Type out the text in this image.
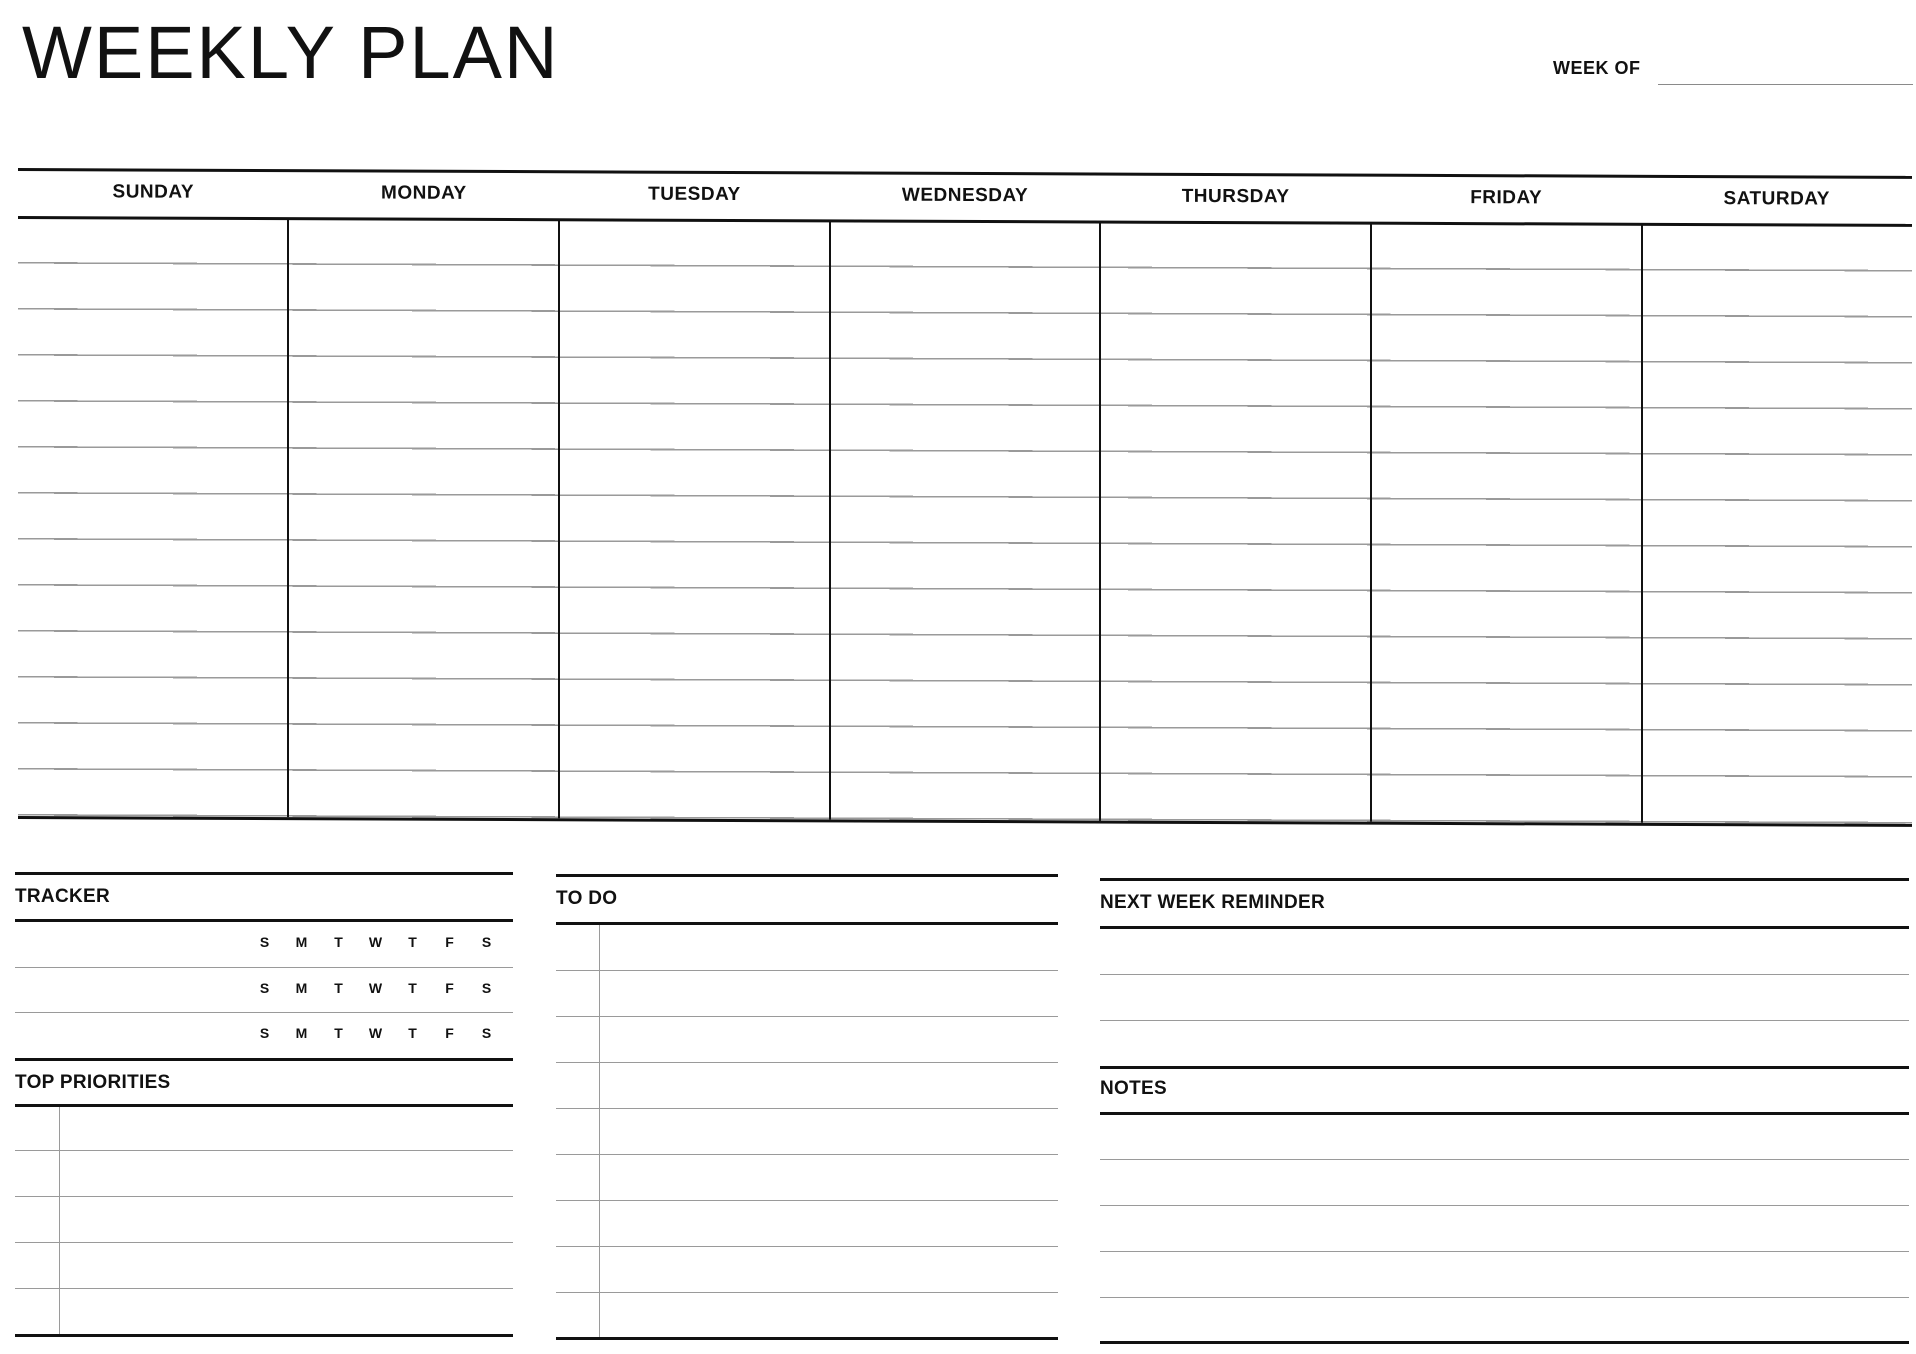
WEEKLY PLAN	WEEK OF
SUNDAY	MONDAY	TUESDAY	WEDNESDAY	THURSDAY	FRIDAY	SATURDAY
TRACKER
S	M	T	W	T	F	S
S	M	T	W	T	F	S
S	M	T	W	T	F	S
TOP PRIORITIES
TO DO	NEXT WEEK REMINDER
NOTES
